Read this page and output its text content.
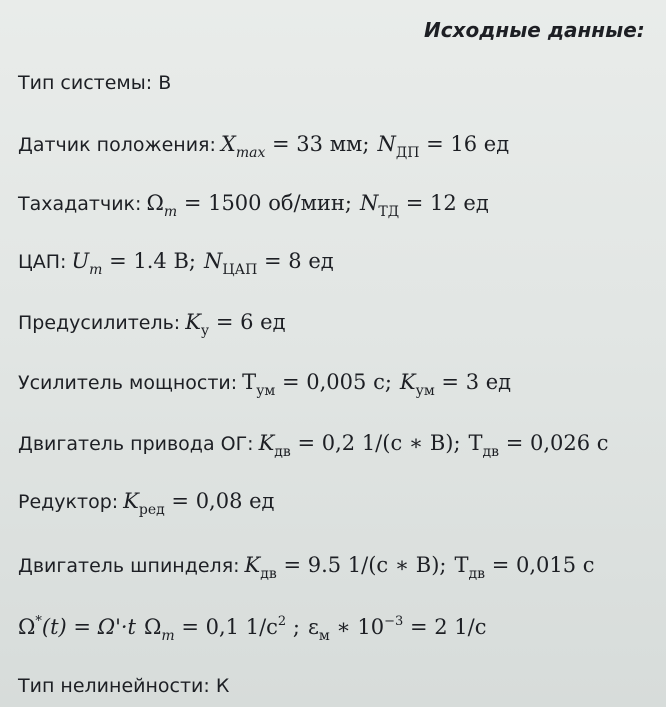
Исходные данные:
Тип системы: В
Датчик положения: $X_{max} = 33$ мм; $N_{ДП} = 16$ ед
Тахадатчик: $\Omega_m = 1500$ об/мин; $N_{ТД} = 12$ ед
ЦАП: $U_m = 1.4$ В; $N_{ЦАП} = 8$ ед
Предусилитель: $K_у = 6$ ед
Усилитель мощности: $T_{ум} = 0,005$ с; $K_{ум} = 3$ ед
Двигатель привода ОГ: $K_{дв} = 0,2$ 1/(с ∗ В); $T_{дв} = 0,026$ с
Редуктор: $K_{ред} = 0,08$ ед
Двигатель шпинделя: $K_{дв} = 9.5$ 1/(с ∗ В); $T_{дв} = 0,015$ с
Ω*(t) = Ω'·t $\Omega_m = 0,1$ $1/с^2$ ; $\varepsilon_м$ ∗ $10^{-3} = 2$ 1/с
Тип нелинейности: К
